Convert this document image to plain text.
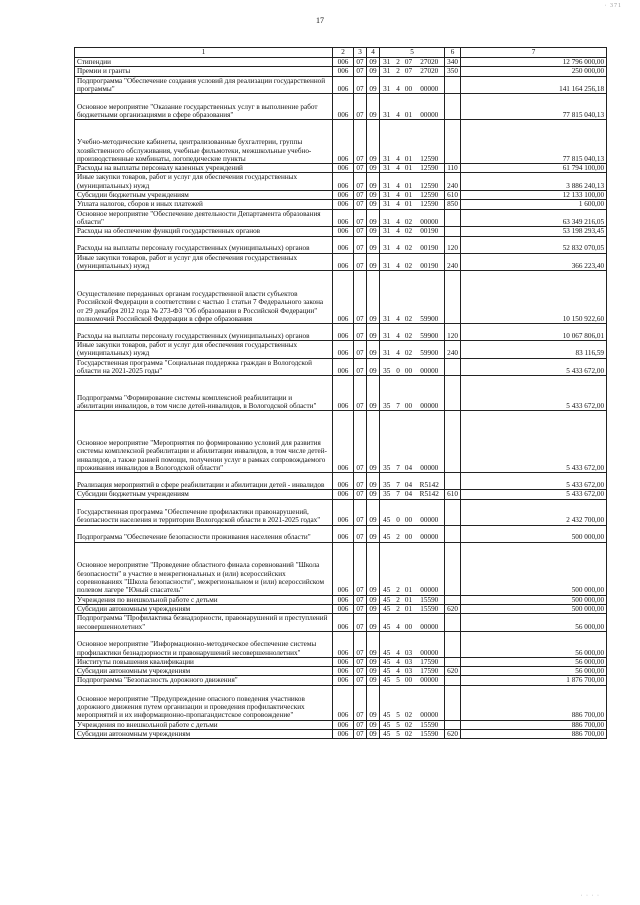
17
· 371
· · · ·
1	2	3	4	5				6	7
Стипендии	006	07	09	31	2	07	27020	340	12 796 000,00
Премии и гранты	006	07	09	31	2	07	27020	350	250 000,00
Подпрограмма "Обеспечение создания условий для реализации государственной программы"	006	07	09	31	4	00	00000		141 164 256,18
Основное мероприятие "Оказание государственных услуг в выполнение работ бюджетными организациями в сфере образования"	006	07	09	31	4	01	00000		77 815 040,13
Учебно-методические кабинеты, централизованные бухгалтерии, группы хозяйственного обслуживания, учебные фильмотеки, межшкольные учебно-производственные комбинаты, логопедические пункты	006	07	09	31	4	01	12590		77 815 040,13
Расходы на выплаты персоналу казенных учреждений	006	07	09	31	4	01	12590	110	61 794 100,00
Иные закупки товаров, работ и услуг для обеспечения государственных (муниципальных) нужд	006	07	09	31	4	01	12590	240	3 886 240,13
Субсидии бюджетным учреждениям	006	07	09	31	4	01	12590	610	12 133 100,00
Уплата налогов, сборов и иных платежей	006	07	09	31	4	01	12590	850	1 600,00
Основное мероприятие "Обеспечение деятельности Департамента образования области"	006	07	09	31	4	02	00000		63 349 216,05
Расходы на обеспечение функций государственных органов	006	07	09	31	4	02	00190		53 198 293,45
Расходы на выплаты персоналу государственных (муниципальных) органов	006	07	09	31	4	02	00190	120	52 832 070,05
Иные закупки товаров, работ и услуг для обеспечения государственных (муниципальных) нужд	006	07	09	31	4	02	00190	240	366 223,40
Осуществление переданных органам государственной власти субъектов Российской Федерации в соответствии с частью 1 статьи 7 Федерального закона от 29 декабря 2012 года № 273-ФЗ "Об образовании в Российской Федерации" полномочий Российской Федерации в сфере образования	006	07	09	31	4	02	59900		10 150 922,60
Расходы на выплаты персоналу государственных (муниципальных) органов	006	07	09	31	4	02	59900	120	10 067 806,01
Иные закупки товаров, работ и услуг для обеспечения государственных (муниципальных) нужд	006	07	09	31	4	02	59900	240	83 116,59
Государственная программа "Социальная поддержка граждан в Вологодской области на 2021-2025 годы"	006	07	09	35	0	00	00000		5 433 672,00
Подпрограмма "Формирование системы комплексной реабилитации и абилитации инвалидов, в том числе детей-инвалидов, в Вологодской области"	006	07	09	35	7	00	00000		5 433 672,00
Основное мероприятие "Мероприятия по формированию условий для развития системы комплексной реабилитации и абилитации инвалидов, в том числе детей-инвалидов, а также ранней помощи, получении услуг в рамках сопровождаемого проживания инвалидов в Вологодской области"	006	07	09	35	7	04	00000		5 433 672,00
Реализация мероприятий в сфере реабилитации и абилитации детей - инвалидов	006	07	09	35	7	04	R5142		5 433 672,00
Субсидии бюджетным учреждениям	006	07	09	35	7	04	R5142	610	5 433 672,00
Государственная программа "Обеспечение профилактики правонарушений, безопасности населения и территории Вологодской области в 2021-2025 годах"	006	07	09	45	0	00	00000		2 432 700,00
Подпрограмма "Обеспечение безопасности проживания населения области"	006	07	09	45	2	00	00000		500 000,00
Основное мероприятие "Проведение областного финала соревнований "Школа безопасности" в участие в межрегиональных и (или) всероссийских соревнованиях "Школа безопасности", межрегиональном и (или) всероссийском полевом лагере "Юный спасатель"	006	07	09	45	2	01	00000		500 000,00
Учреждения по внешкольной работе с детьми	006	07	09	45	2	01	15590		500 000,00
Субсидии автономным учреждениям	006	07	09	45	2	01	15590	620	500 000,00
Подпрограмма "Профилактика безнадзорности, правонарушений и преступлений несовершеннолетних"	006	07	09	45	4	00	00000		56 000,00
Основное мероприятие "Информационно-методическое обеспечение системы профилактики безнадзорности и правонарушений несовершеннолетних"	006	07	09	45	4	03	00000		56 000,00
Институты повышения квалификации	006	07	09	45	4	03	17590		56 000,00
Субсидии автономным учреждениям	006	07	09	45	4	03	17590	620	56 000,00
Подпрограмма "Безопасность дорожного движения"	006	07	09	45	5	00	00000		1 876 700,00
Основное мероприятие "Предупреждение опасного поведения участников дорожного движения путем организации и проведения профилактических мероприятий и их информационно-пропагандистское сопровождение"	006	07	09	45	5	02	00000		886 700,00
Учреждения по внешкольной работе с детьми	006	07	09	45	5	02	15590		886 700,00
Субсидии автономным учреждениям	006	07	09	45	5	02	15590	620	886 700,00
